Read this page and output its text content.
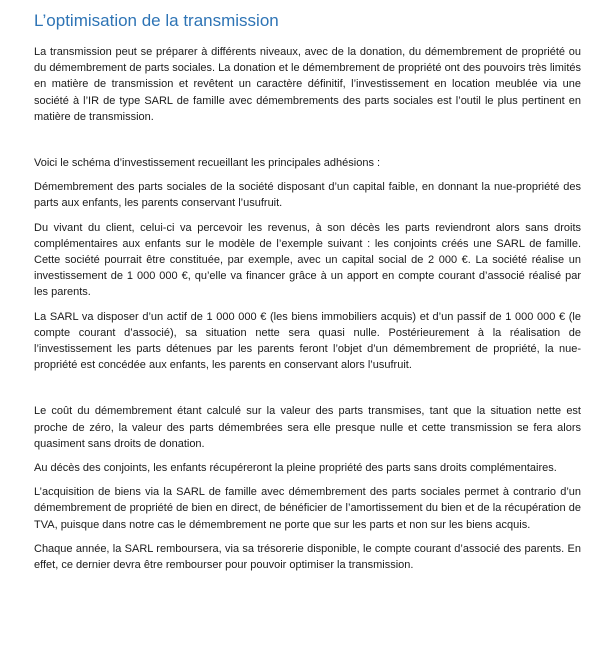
L’optimisation de la transmission

La transmission peut se préparer à différents niveaux, avec de la donation, du démembrement de propriété ou du démembrement de parts sociales. La donation et le démembrement de propriété ont des pouvoirs très limités en matière de transmission et revêtent un caractère définitif, l’investissement en location meublée via une société à l’IR de type SARL de famille avec démembrements des parts sociales est l’outil le plus pertinent en matière de transmission.

Voici le schéma d’investissement recueillant les principales adhésions :

Démembrement des parts sociales de la société disposant d’un capital faible, en donnant la nue-propriété des parts aux enfants, les parents conservant l’usufruit.

Du vivant du client, celui-ci va percevoir les revenus, à son décès les parts reviendront alors sans droits complémentaires aux enfants sur le modèle de l’exemple suivant : les conjoints créés une SARL de famille. Cette société pourrait être constituée, par exemple, avec un capital social de 2 000 €. La société réalise un investissement de 1 000 000 €, qu’elle va financer grâce à un apport en compte courant d’associé réalisé par les parents.

La SARL va disposer d’un actif de 1 000 000 € (les biens immobiliers acquis) et d’un passif de 1 000 000 € (le compte courant d’associé), sa situation nette sera quasi nulle. Postérieurement à la réalisation de l’investissement les parts détenues par les parents feront l’objet d’un démembrement de propriété, la nue-propriété est concédée aux enfants, les parents en conservant alors l’usufruit.

Le coût du démembrement étant calculé sur la valeur des parts transmises, tant que la situation nette est proche de zéro, la valeur des parts démembrées sera elle presque nulle et cette transmission se fera alors quasiment sans droits de donation.

Au décès des conjoints, les enfants récupéreront la pleine propriété des parts sans droits complémentaires.

L’acquisition de biens via la SARL de famille avec démembrement des parts sociales permet à contrario d’un démembrement de propriété de bien en direct, de bénéficier de l’amortissement du bien et de la récupération de TVA, puisque dans notre cas le démembrement ne porte que sur les parts et non sur les biens acquis.

Chaque année, la SARL remboursera, via sa trésorerie disponible, le compte courant d’associé des parents. En effet, ce dernier devra être rembourser pour pouvoir optimiser la transmission.
